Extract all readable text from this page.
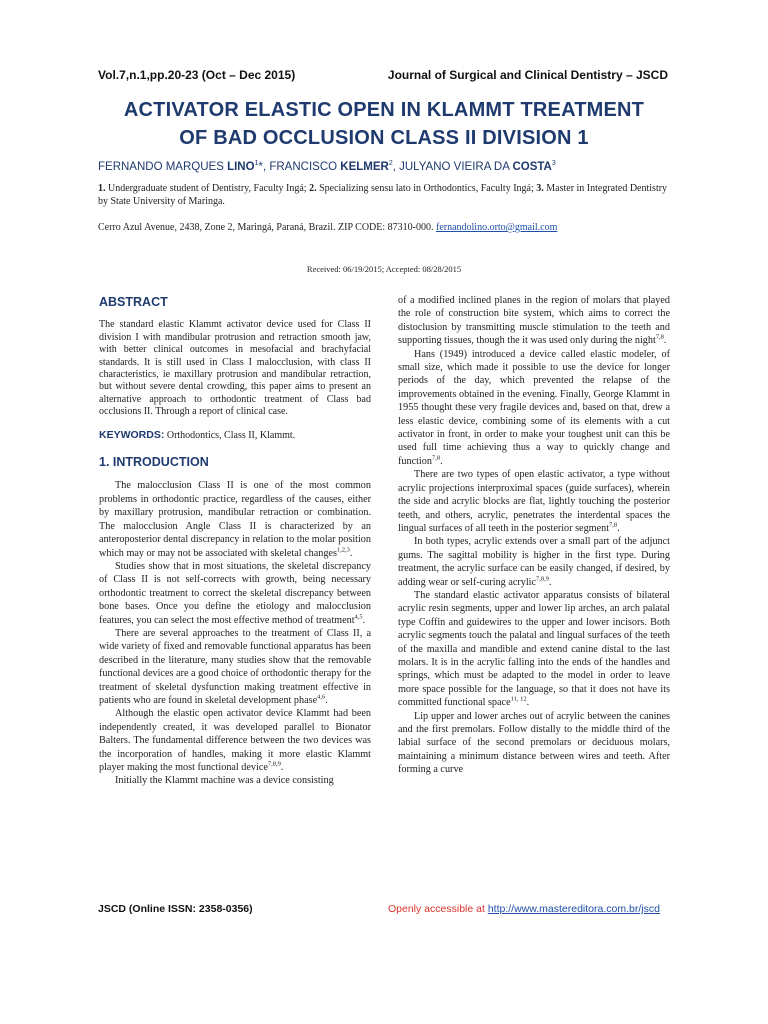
Vol.7,n.1,pp.20-23 (Oct – Dec 2015)	Journal of Surgical and Clinical Dentistry – JSCD
ACTIVATOR ELASTIC OPEN IN KLAMMT TREATMENT
OF BAD OCCLUSION CLASS II DIVISION 1
FERNANDO MARQUES LINO$^1$*, FRANCISCO KELMER$^2$, JULYANO VIEIRA DA COSTA$^3$
1. Undergraduate student of Dentistry, Faculty Ingá; 2. Specializing sensu lato in Orthodontics, Faculty Ingá; 3. Master in Integrated Dentistry by State University of Maringa.
Cerro Azul Avenue, 2438, Zone 2, Maringá, Paraná, Brazil. ZIP CODE: 87310-000. fernandolino.orto@gmail.com
Received: 06/19/2015; Accepted: 08/28/2015
ABSTRACT

The standard elastic Klammt activator device used for Class II division I with mandibular protrusion and retraction smooth jaw, with better clinical outcomes in mesofacial and brachyfacial standards. It is still used in Class I malocclusion, with class II characteristics, ie maxillary protrusion and mandibular retraction, but without severe dental crowding, this paper aims to present an alternative approach to orthodontic treatment of Class bad occlusions II. Through a report of clinical case.

KEYWORDS: Orthodontics, Class II, Klammt.
1. INTRODUCTION

The malocclusion Class II is one of the most common problems in orthodontic practice, regardless of the causes, either by maxillary protrusion, mandibular retraction or combination. The malocclusion Angle Class II is characterized by an anteroposterior dental discrepancy in relation to the molar position which may or may not be associated with skeletal changes$^{1,2,3}$.

Studies show that in most situations, the skeletal discrepancy of Class II is not self-corrects with growth, being necessary orthodontic treatment to correct the skeletal discrepancy between bone bases. Once you define the etiology and malocclusion features, you can select the most effective method of treatment$^{4,5}$.

There are several approaches to the treatment of Class II, a wide variety of fixed and removable functional apparatus has been described in the literature, many studies show that the removable functional devices are a good choice of orthodontic therapy for the treatment of skeletal dysfunction making treatment effective in patients who are found in skeletal development phase$^{4,6}$.

Although the elastic open activator device Klammt had been independently created, it was developed parallel to Bionator Balters. The fundamental difference between the two devices was the incorporation of handles, making it more elastic Klammt player making the most functional device$^{7,8,9}$.

Initially the Klammt machine was a device consisting

of a modified inclined planes in the region of molars that played the role of construction bite system, which aims to correct the distoclusion by transmitting muscle stimulation to the teeth and supporting tissues, though the it was used only during the night$^{7,8}$.

Hans (1949) introduced a device called elastic modeler, of small size, which made it possible to use the device for longer periods of the day, which prevented the relapse of the improvements obtained in the evening. Finally, George Klammt in 1955 thought these very fragile devices and, based on that, drew a less elastic device, combining some of its elements with a cut activator in front, in order to make your toughest unit can this be used full time achieving thus a way to quickly change and function$^{7,8}$.

There are two types of open elastic activator, a type without acrylic projections interproximal spaces (guide surfaces), wherein the side and acrylic blocks are flat, lightly touching the posterior teeth, and others, acrylic, penetrates the interdental spaces the lingual surfaces of all teeth in the posterior segment$^{7,8}$.

In both types, acrylic extends over a small part of the adjunct gums. The sagittal mobility is higher in the first type. During treatment, the acrylic surface can be easily changed, if desired, by adding wear or self-curing acrylic$^{7,8,9}$.

The standard elastic activator apparatus consists of bilateral acrylic resin segments, upper and lower lip arches, an arch palatal type Coffin and guidewires to the upper and lower incisors. Both acrylic segments touch the palatal and lingual surfaces of the teeth of the maxilla and mandible and extend canine distal to the last molars. It is in the acrylic falling into the ends of the handles and springs, which must be adapted to the model in order to leave more space possible for the language, so that it does not have its committed functional space$^{11, 12}$.

Lip upper and lower arches out of acrylic between the canines and the first premolars. Follow distally to the middle third of the labial surface of the second premolars or deciduous molars, maintaining a minimum distance between wires and teeth. After forming a curve

JSCD (Online ISSN: 2358-0356)	Openly accessible at http://www.mastereditora.com.br/jscd
